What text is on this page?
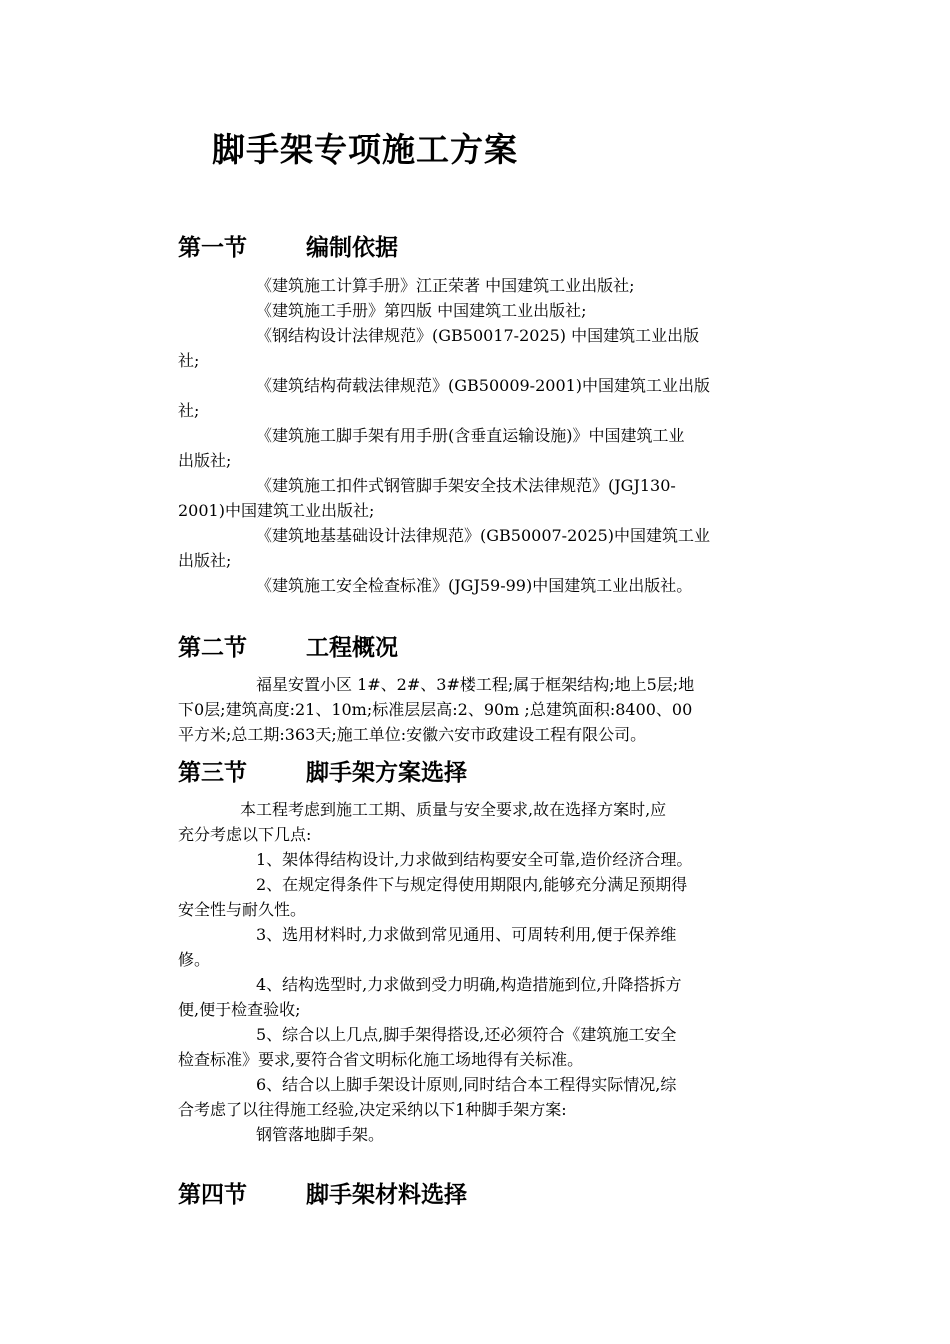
脚手架专项施工方案
第一节	编制依据
《建筑施工计算手册》江正荣著 中国建筑工业出版社;
《建筑施工手册》第四版 中国建筑工业出版社;
《钢结构设计法律规范》(GB50017-2025) 中国建筑工业出版
社;
《建筑结构荷载法律规范》(GB50009-2001)中国建筑工业出版
社;
《建筑施工脚手架有用手册(含垂直运输设施)》中国建筑工业
出版社;
《建筑施工扣件式钢管脚手架安全技术法律规范》(JGJ130-
2001)中国建筑工业出版社;
《建筑地基基础设计法律规范》(GB50007-2025)中国建筑工业
出版社;
《建筑施工安全检查标准》(JGJ59-99)中国建筑工业出版社。
第二节	工程概况
福星安置小区 1#、2#、3#楼工程;属于框架结构;地上5层;地
下0层;建筑高度:21、10m;标准层层高:2、90m ;总建筑面积:8400、00
平方米;总工期:363天;施工单位:安徽六安市政建设工程有限公司。
第三节	脚手架方案选择
本工程考虑到施工工期、质量与安全要求,故在选择方案时,应
充分考虑以下几点:
1、架体得结构设计,力求做到结构要安全可靠,造价经济合理。
2、在规定得条件下与规定得使用期限内,能够充分满足预期得
安全性与耐久性。
3、选用材料时,力求做到常见通用、可周转利用,便于保养维
修。
4、结构选型时,力求做到受力明确,构造措施到位,升降搭拆方
便,便于检查验收;
5、综合以上几点,脚手架得搭设,还必须符合《建筑施工安全
检查标准》要求,要符合省文明标化施工场地得有关标准。
6、结合以上脚手架设计原则,同时结合本工程得实际情况,综
合考虑了以往得施工经验,决定采纳以下1种脚手架方案:
钢管落地脚手架。
第四节	脚手架材料选择
